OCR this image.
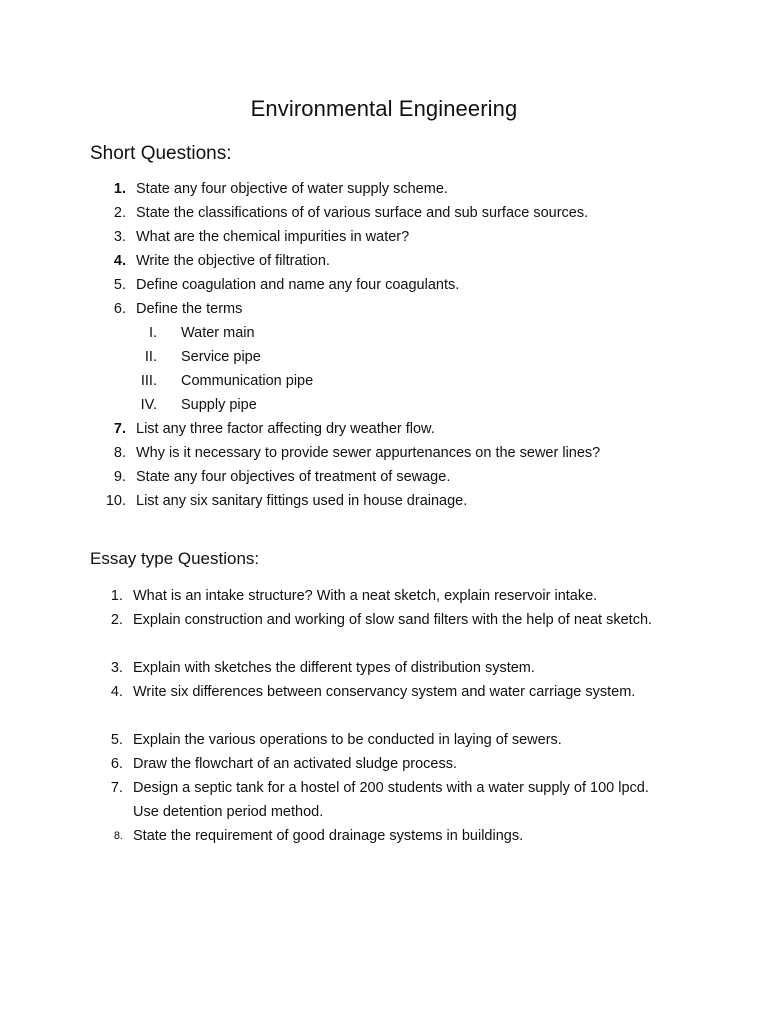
Environmental Engineering
Short Questions:
1. State any four objective of water supply scheme.
2. State the classifications of of various surface and sub surface sources.
3. What are the chemical impurities in water?
4. Write the objective of filtration.
5. Define coagulation and name any four coagulants.
6. Define the terms
I. Water main
II. Service pipe
III. Communication pipe
IV. Supply pipe
7. List any three factor affecting dry weather flow.
8. Why is it necessary to provide sewer appurtenances on the sewer lines?
9. State any four objectives of treatment of sewage.
10. List any six sanitary fittings used in house drainage.
Essay type Questions:
1. What is an intake structure? With a neat sketch, explain reservoir intake.
2. Explain construction and working of slow sand filters with the help of neat sketch.
3. Explain with sketches the different types of distribution system.
4. Write six differences between conservancy system and water carriage system.
5. Explain the various operations to be conducted in laying of sewers.
6. Draw the flowchart of an activated sludge process.
7. Design a septic tank for a hostel of 200 students with a water supply of 100 lpcd. Use detention period method.
8. State the requirement of good drainage systems in buildings.
